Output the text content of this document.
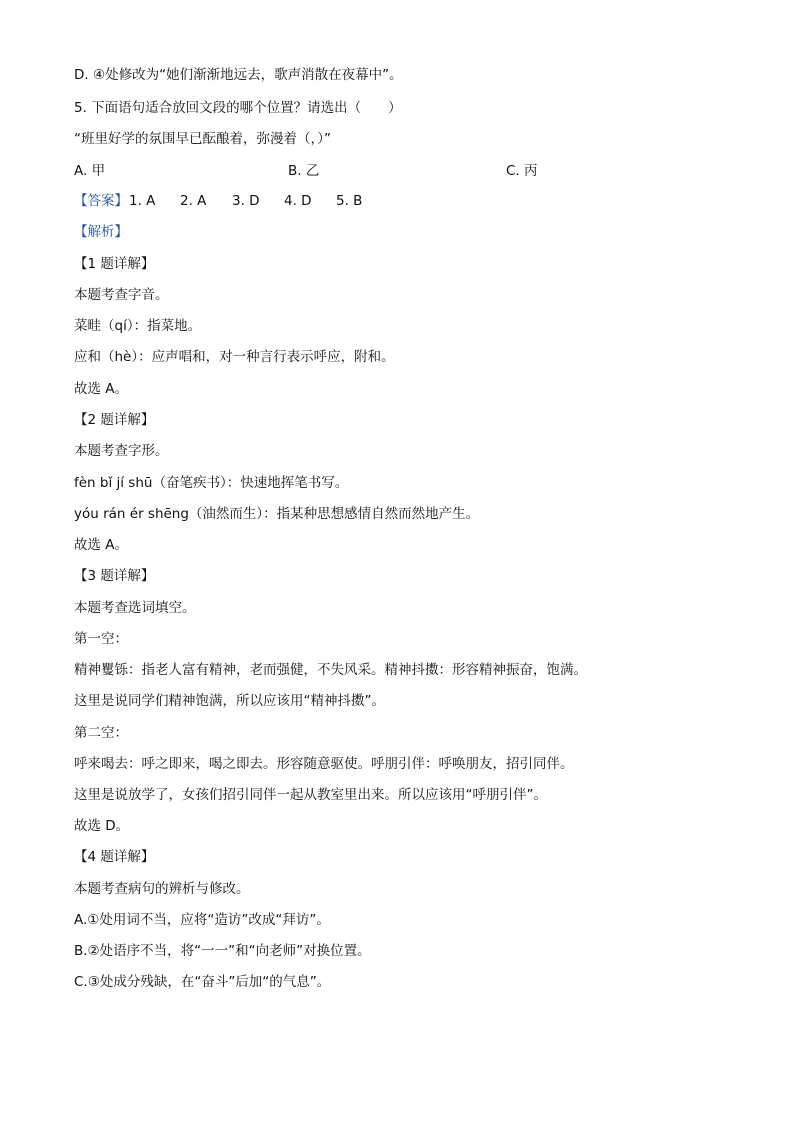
D. ④处修改为“她们渐渐地远去，歌声消散在夜幕中”。
5. 下面语句适合放回文段的哪个位置？请选出（　　）
“班里好学的氛围早已酝酿着，弥漫着（，）”
A. 甲	B. 乙	C. 丙
【答案】 1. A 2. A 3. D 4. D 5. B
【解析】
【1 题详解】
本题考查字音。
菜畦（qí）：指菜地。
应和（hè）：应声唱和，对一种言行表示呼应，附和。
故选 A。
【2 题详解】
本题考查字形。
fèn bǐ jí shū（奋笔疾书）：快速地挥笔书写。
yóu rán ér shēng（油然而生）：指某种思想感情自然而然地产生。
故选 A。
【3 题详解】
本题考查选词填空。
第一空：
精神矍铄：指老人富有精神，老而强健，不失风采。精神抖擞：形容精神振奋，饱满。
这里是说同学们精神饱满，所以应该用“精神抖擞”。
第二空：
呼来喝去：呼之即来，喝之即去。形容随意驱使。呼朋引伴：呼唤朋友，招引同伴。
这里是说放学了，女孩们招引同伴一起从教室里出来。所以应该用“呼朋引伴”。
故选 D。
【4 题详解】
本题考查病句的辨析与修改。
A.①处用词不当，应将“造访”改成“拜访”。
B.②处语序不当，将“一一”和“向老师”对换位置。
C.③处成分残缺，在“奋斗”后加“的气息”。
